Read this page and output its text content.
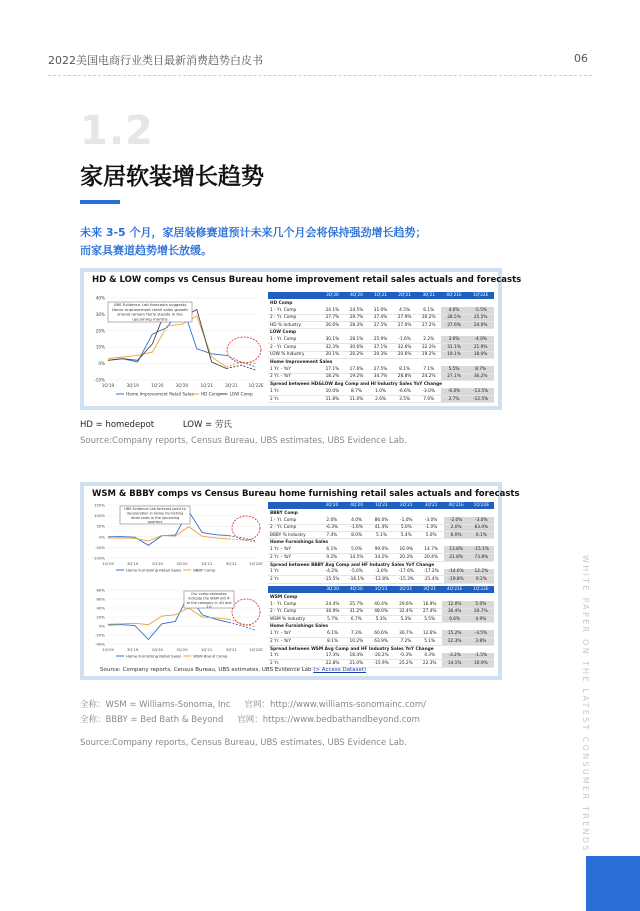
2022美国电商行业类目最新消费趋势白皮书	06
1.2
家居软装增长趋势
未来 3-5 个月，家居装修赛道预计未来几个月会将保持强劲增长趋势；
而家具赛道趋势增长放缓。
HD & LOW comps vs Census Bureau home improvement retail sales actuals and forecasts
40%
30%
20%
10%
0%
-10%
1Q'19	3Q'19	1Q'20	3Q'20	1Q'21	3Q'21	1Q'22E
UBS Evidence Lab forecasts suggests
Home Improvement retail sales growth
should remain fairly steady in the
upcoming months
Home Improvement Retail Sales HD Comp LOW Comp
	3Q'20	4Q'20	1Q'21	2Q'21	3Q'21	4Q'21E	1Q'22E
HD Comp							
1 - Yr. Comp	24.1%	24.5%	31.0%	4.5%	6.1%	4.0%	-5.5%
2 - Yr. Comp	27.7%	29.7%	37.4%	27.9%	30.2%	28.5%	25.5%
HD % Industry	26.6%	28.3%	27.5%	27.0%	27.2%	27.6%	24.0%
LOW Comp							
1 - Yr. Comp	30.1%	28.1%	25.9%	-1.6%	2.2%	3.0%	-4.0%
2 - Yr. Comp	32.3%	30.6%	37.1%	32.6%	32.3%	31.1%	21.9%
LOW % Industry	20.1%	20.2%	20.3%	20.6%	19.2%	19.1%	18.0%
Home Improvement Sales							
1 Yr. - YoY	17.1%	17.6%	27.5%	8.1%	7.1%	5.5%	8.7%
2 Yr. - YoY	18.2%	19.2%	34.7%	28.8%	24.2%	27.1%	36.2%
Spread between HD&LOW Avg Comp and HI Industry Sales YoY Change							
1 Yr.	10.0%	8.7%	1.0%	-6.6%	-3.0%	-6.0%	-13.5%
2 Yr.	11.8%	11.0%	2.6%	3.5%	7.0%	2.7%	-12.5%
HD = homedepot	LOW = 劳氏
Source:Company reports, Census Bureau, UBS estimates, UBS Evidence Lab.
WSM & BBBY comps vs Census Bureau home furnishing retail sales actuals and forecasts
150%
100%
50%
0%
-50%
-100%
1Q'19	3Q'19	1Q'20	3Q'20	1Q'21	3Q'21	1Q'22E
UBS Evidence Lab forecast point to
deceleration in Home Furnishing
retail sales in the upcoming
quarters
Home Furnishing Retail Sales	BBBY Comp
80%
60%
40%
20%
0%
-20%
-40%
1Q'19	3Q'19	1Q'20	3Q'20	1Q'21	3Q'21	1Q'22E
Our comp estimates
indicate the WSM will #
at the category in 4Q and
1Q
Home Furnishing Retail Sales	WSM Brand Comp
	3Q'20	4Q'20	1Q'21	2Q'21	3Q'21	4Q'21E	1Q'22E
BBBY Comp							
1 - Yr. Comp	2.0%	4.0%	86.0%	-1.0%	-3.0%	-2.0%	-3.0%
2 - Yr. Comp	-6.3%	-1.6%	41.4%	5.0%	-1.0%	2.0%	83.0%
BBBY % Industry	7.4%	8.0%	5.1%	5.4%	5.0%	6.0%	6.1%
Home Furnishings Sales							
1 Yr. - YoY	6.1%	5.0%	99.0%	16.9%	14.7%	13.8%	-15.1%
2 Yr. - YoY	9.2%	14.5%	34.2%	20.3%	20.4%	21.8%	73.8%
Spread between BBBY Avg Comp and HF Industry Sales YoY Change							
1 Yr.	-4.2%	-5.0%	-3.0%	-17.6%	-17.2%	-14.6%	12.2%
2 Yr.	-15.5%	-16.1%	-12.8%	-15.3%	-21.4%	-19.8%	9.2%
	3Q'20	4Q'20	1Q'21	2Q'21	3Q'21	4Q'21E	1Q'22E
WSM Comp							
1 - Yr. Comp	24.4%	25.7%	40.4%	29.6%	16.9%	12.0%	5.0%
2 - Yr. Comp	30.9%	31.2%	48.0%	32.4%	27.4%	36.4%	20.7%
WSM % Industry	5.7%	6.7%	5.3%	5.3%	5.5%	6.6%	4.9%
Home Furnishings Sales							
1 Yr. - YoY	6.1%	7.3%	60.6%	30.7%	12.6%	15.2%	-3.5%
2 Yr. - YoY	8.1%	10.2%	63.9%	7.2%	5.1%	22.3%	3.8%
Spread between WSM Avg Comp and HF Industry Sales YoY Change							
1 Yr.	17.3%	18.4%	-20.2%	-0.3%	4.3%	-3.2%	-1.5%
2 Yr.	22.8%	21.0%	-15.9%	25.2%	22.3%	14.1%	16.9%
Source: Company reports, Census Bureau, UBS estimates, UBS Evidence Lab (> Access Dataset)
全称：WSM = Williams-Sonoma, Inc 官网：http://www.williams-sonomainc.com/
全称：BBBY = Bed Bath & Beyond 官网：https://www.bedbathandbeyond.com
Source:Company reports, Census Bureau, UBS estimates, UBS Evidence Lab.	WHITE PAPER ON THE LATEST CONSUMER TRENDS
